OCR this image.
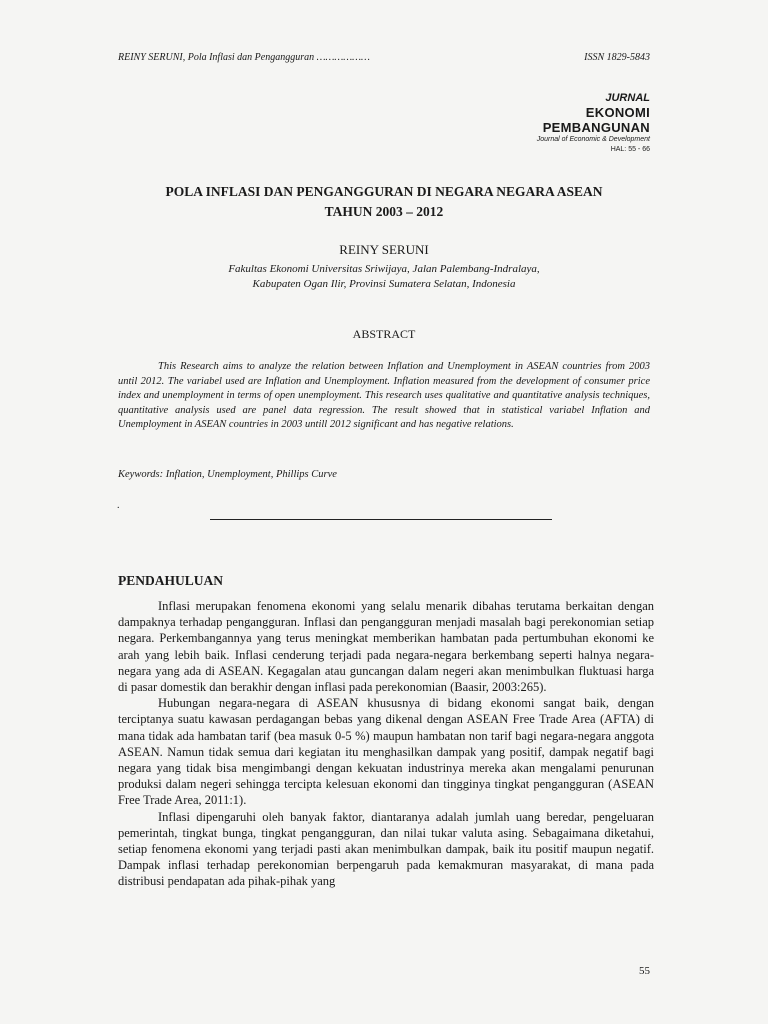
REINY SERUNI, Pola Inflasi dan Pengangguran ………………	ISSN 1829-5843
JURNAL
EKONOMI
PEMBANGUNAN
Journal of Economic & Development
HAL: 55 - 66
POLA INFLASI DAN PENGANGGURAN DI NEGARA NEGARA ASEAN
TAHUN 2003 – 2012
REINY SERUNI
Fakultas Ekonomi Universitas Sriwijaya, Jalan Palembang-Indralaya,
Kabupaten Ogan Ilir, Provinsi Sumatera Selatan, Indonesia
ABSTRACT
This Research aims to analyze the relation between Inflation and Unemployment in ASEAN countries from 2003 until 2012. The variabel used are Inflation and Unemployment. Inflation measured from the development of consumer price index and unemployment in terms of open unemployment. This research uses qualitative and quantitative analysis techniques, quantitative analysis used are panel data regression. The result showed that in statistical variabel Inflation and Unemployment in ASEAN countries in 2003 untill 2012 significant and has negative relations.
Keywords: Inflation, Unemployment, Phillips Curve
.
PENDAHULUAN

Inflasi merupakan fenomena ekonomi yang selalu menarik dibahas terutama berkaitan dengan dampaknya terhadap pengangguran. Inflasi dan pengangguran menjadi masalah bagi perekonomian setiap negara. Perkembangannya yang terus meningkat memberikan hambatan pada pertumbuhan ekonomi ke arah yang lebih baik. Inflasi cenderung terjadi pada negara-negara berkembang seperti halnya negara-negara yang ada di ASEAN. Kegagalan atau guncangan dalam negeri akan menimbulkan fluktuasi harga di pasar domestik dan berakhir dengan inflasi pada perekonomian (Baasir, 2003:265).

Hubungan negara-negara di ASEAN khususnya di bidang ekonomi sangat baik, dengan terciptanya suatu kawasan perdagangan bebas yang dikenal dengan ASEAN Free Trade Area (AFTA) di mana tidak ada hambatan tarif (bea masuk 0-5 %) maupun hambatan non tarif bagi negara-negara anggota ASEAN. Namun tidak semua dari kegiatan itu menghasilkan dampak yang positif, dampak negatif bagi negara yang tidak bisa mengimbangi dengan kekuatan industrinya mereka akan mengalami penurunan produksi dalam negeri sehingga tercipta kelesuan ekonomi dan tingginya tingkat pengangguran (ASEAN Free Trade Area, 2011:1).

Inflasi dipengaruhi oleh banyak faktor, diantaranya adalah jumlah uang beredar, pengeluaran pemerintah, tingkat bunga, tingkat pengangguran, dan nilai tukar valuta asing. Sebagaimana diketahui, setiap fenomena ekonomi yang terjadi pasti akan menimbulkan dampak, baik itu positif maupun negatif. Dampak inflasi terhadap perekonomian berpengaruh pada kemakmuran masyarakat, di mana pada distribusi pendapatan ada pihak-pihak yang

55
